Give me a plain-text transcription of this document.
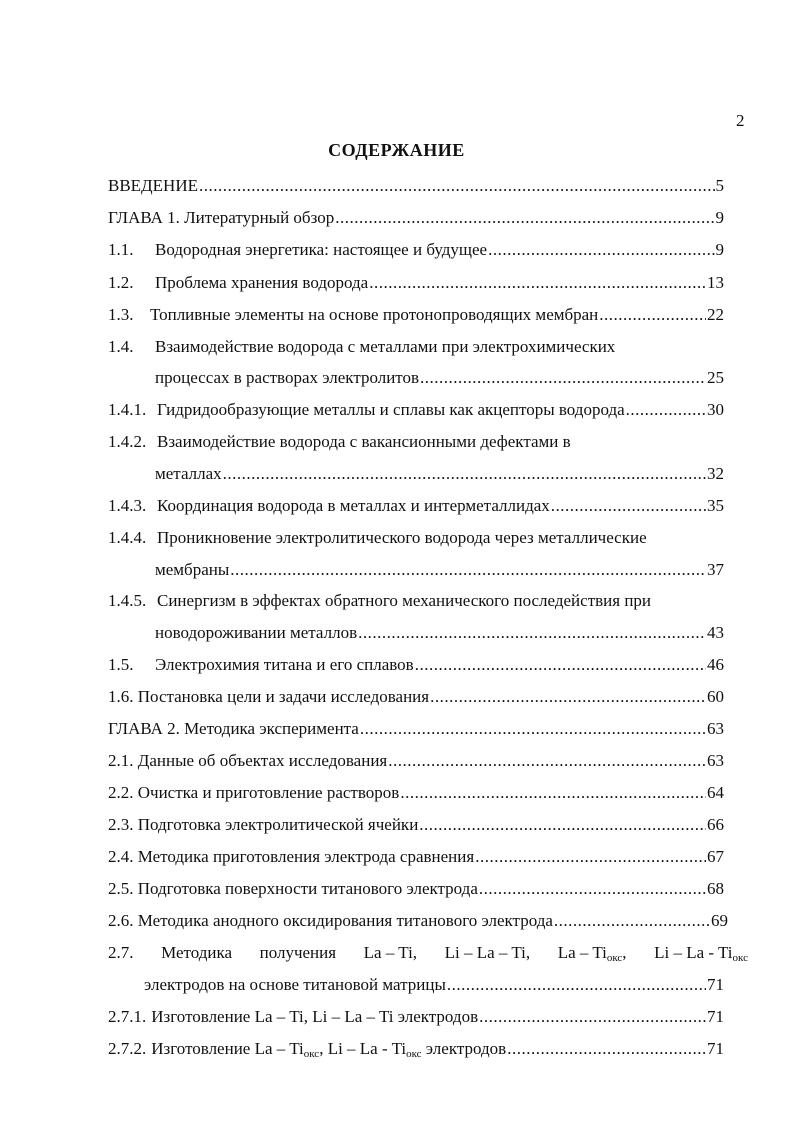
2
СОДЕРЖАНИЕ
ВВЕДЕНИЕ .....	5
ГЛАВА 1. Литературный обзор .....	9
1.1.	Водородная энергетика: настоящее и будущее .....	9
1.2.	Проблема хранения водорода .....	13
1.3. Топливные элементы на основе протонопроводящих мембран .....	22
1.4. Взаимодействие водорода с металлами при электрохимических
процессах в растворах электролитов .....	25
1.4.1. Гидридообразующие металлы и сплавы как акцепторы водорода .....	30
1.4.2. Взаимодействие водорода с вакансионными дефектами в
металлах .....	32
1.4.3. Координация водорода в металлах и интерметаллидах .....	35
1.4.4. Проникновение электролитического водорода через металлические
мембраны .....	37
1.4.5. Синергизм в эффектах обратного механического последействия при
новодороживании металлов .....	43
1.5.	Электрохимия титана и его сплавов .....	46
1.6. Постановка цели и задачи исследования .....	60
ГЛАВА 2. Методика эксперимента .....	63
2.1. Данные об объектах исследования .....	63
2.2. Очистка и приготовление растворов .....	64
2.3. Подготовка электролитической ячейки .....	66
2.4. Методика приготовления электрода сравнения .....	67
2.5. Подготовка поверхности титанового электрода .....	68
2.6. Методика анодного оксидирования титанового электрода .....	69
2.7. Методика получения La – Ti, Li – La – Ti, La – $Ti_{окс}$, Li – La - $Ti_{окс}$
электродов на основе титановой матрицы .....	71
2.7.1. Изготовление La – Ti, Li – La – Ti электродов .....	71
2.7.2. Изготовление La – $Ti_{окс}$, Li – La - $Ti_{окс}$ электродов .....	71
